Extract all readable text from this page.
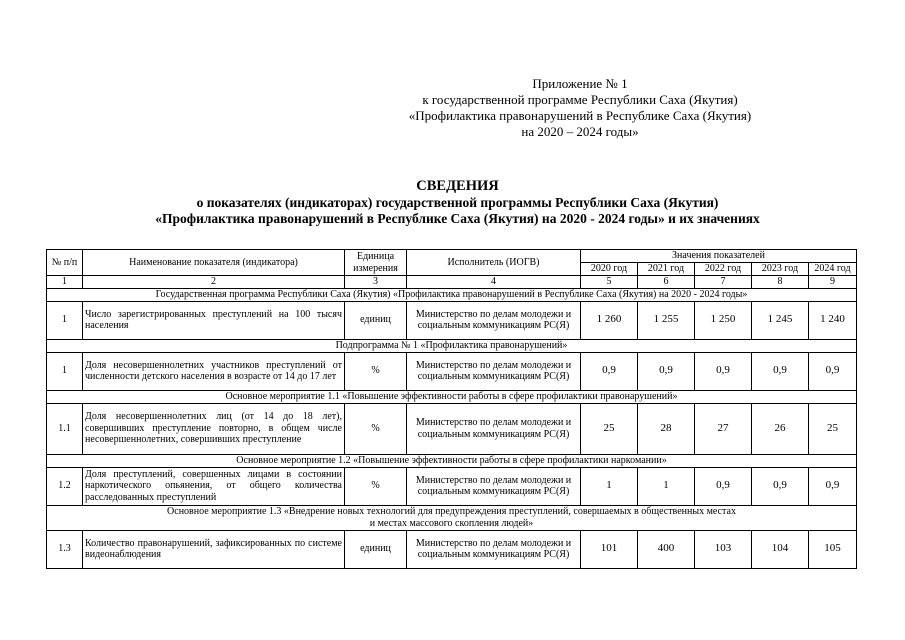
Приложение № 1
к государственной программе Республики Саха (Якутия)
«Профилактика правонарушений в Республике Саха (Якутия)
на 2020 – 2024 годы»
СВЕДЕНИЯ
о показателях (индикаторах) государственной программы Республики Саха (Якутия)
«Профилактика правонарушений в Республике Саха (Якутия) на 2020 - 2024 годы» и их значениях
№ п/п	Наименование показателя (индикатора)	Единица измерения	Исполнитель (ИОГВ)	Значения показателей				
				2020 год	2021 год	2022 год	2023 год	2024 год
1	2	3	4	5	6	7	8	9
Государственная программа Республики Саха (Якутия) «Профилактика правонарушений в Республике Саха (Якутия) на 2020 - 2024 годы»								
1	Число зарегистрированных преступлений на 100 тысяч населения	единиц	Министерство по делам молодежи и социальным коммуникациям РС(Я)	1 260	1 255	1 250	1 245	1 240
Подпрограмма № 1 «Профилактика правонарушений»								
1	Доля несовершеннолетних участников преступлений от численности детского населения в возрасте от 14 до 17 лет	%	Министерство по делам молодежи и социальным коммуникациям РС(Я)	0,9	0,9	0,9	0,9	0,9
Основное мероприятие 1.1 «Повышение эффективности работы в сфере профилактики правонарушений»								
1.1	Доля несовершеннолетних лиц (от 14 до 18 лет), совершивших преступление повторно, в общем числе несовершеннолетних, совершивших преступление	%	Министерство по делам молодежи и социальным коммуникациям РС(Я)	25	28	27	26	25
Основное мероприятие 1.2 «Повышение эффективности работы в сфере профилактики наркомании»								
1.2	Доля преступлений, совершенных лицами в состоянии наркотического опьянения, от общего количества расследованных преступлений	%	Министерство по делам молодежи и социальным коммуникациям РС(Я)	1	1	0,9	0,9	0,9

Основное мероприятие 1.3 «Внедрение новых технологий для предупреждения преступлений, совершаемых в общественных местах
и местах массового скопления людей»								

1.3	Количество правонарушений, зафиксированных по системе видеонаблюдения	единиц	Министерство по делам молодежи и социальным коммуникациям РС(Я)	101	400	103	104	105
